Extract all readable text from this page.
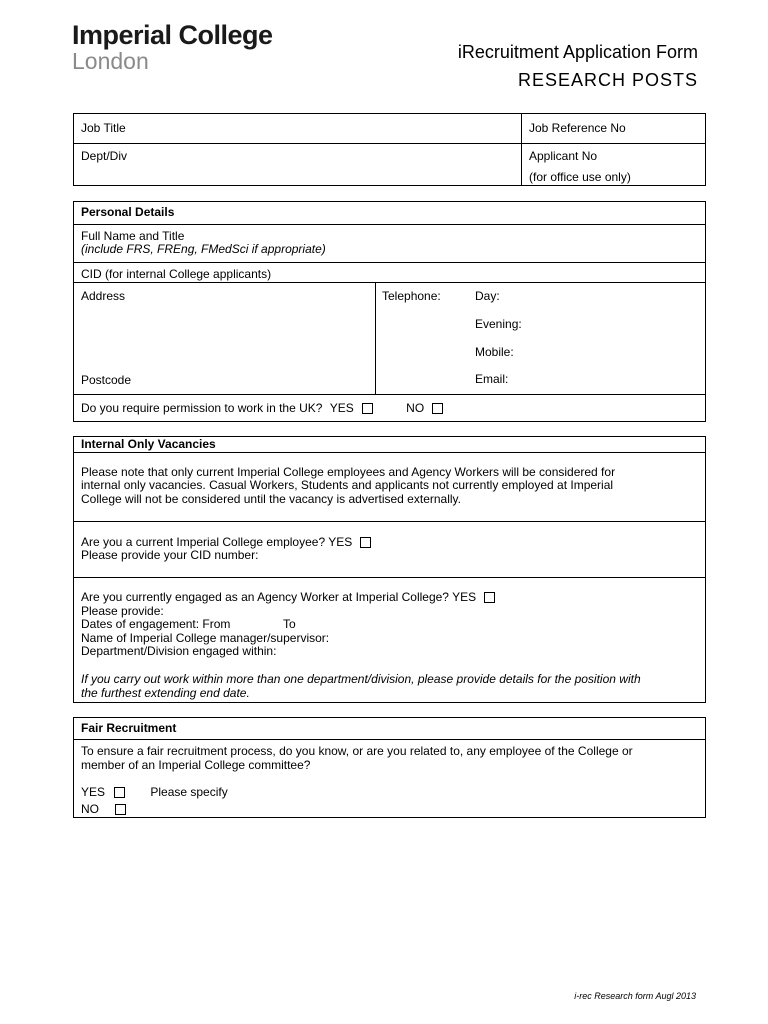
Imperial College
London	iRecruitment Application Form
RESEARCH POSTS
Job Title	Job Reference No
Dept/Div	Applicant No
(for office use only)
Personal Details
Full Name and Title
(include FRS, FREng, FMedSci if appropriate)
CID (for internal College applicants)
Address
Postcode
Telephone:	Day:
Evening:
Mobile:
Email:
Do you require permission to work in the UK? YES	NO
Internal Only Vacancies
Please note that only current Imperial College employees and Agency Workers will be considered for
internal only vacancies. Casual Workers, Students and applicants not currently employed at Imperial
College will not be considered until the vacancy is advertised externally.
Are you a current Imperial College employee? YES
Please provide your CID number:
Are you currently engaged as an Agency Worker at Imperial College? YES
Please provide:
Dates of engagement: From	To
Name of Imperial College manager/supervisor:
Department/Division engaged within:
If you carry out work within more than one department/division, please provide details for the position with
the furthest extending end date.
Fair Recruitment
To ensure a fair recruitment process, do you know, or are you related to, any employee of the College or
member of an Imperial College committee?
YES	Please specify
NO
i-rec Research form Augl 2013
